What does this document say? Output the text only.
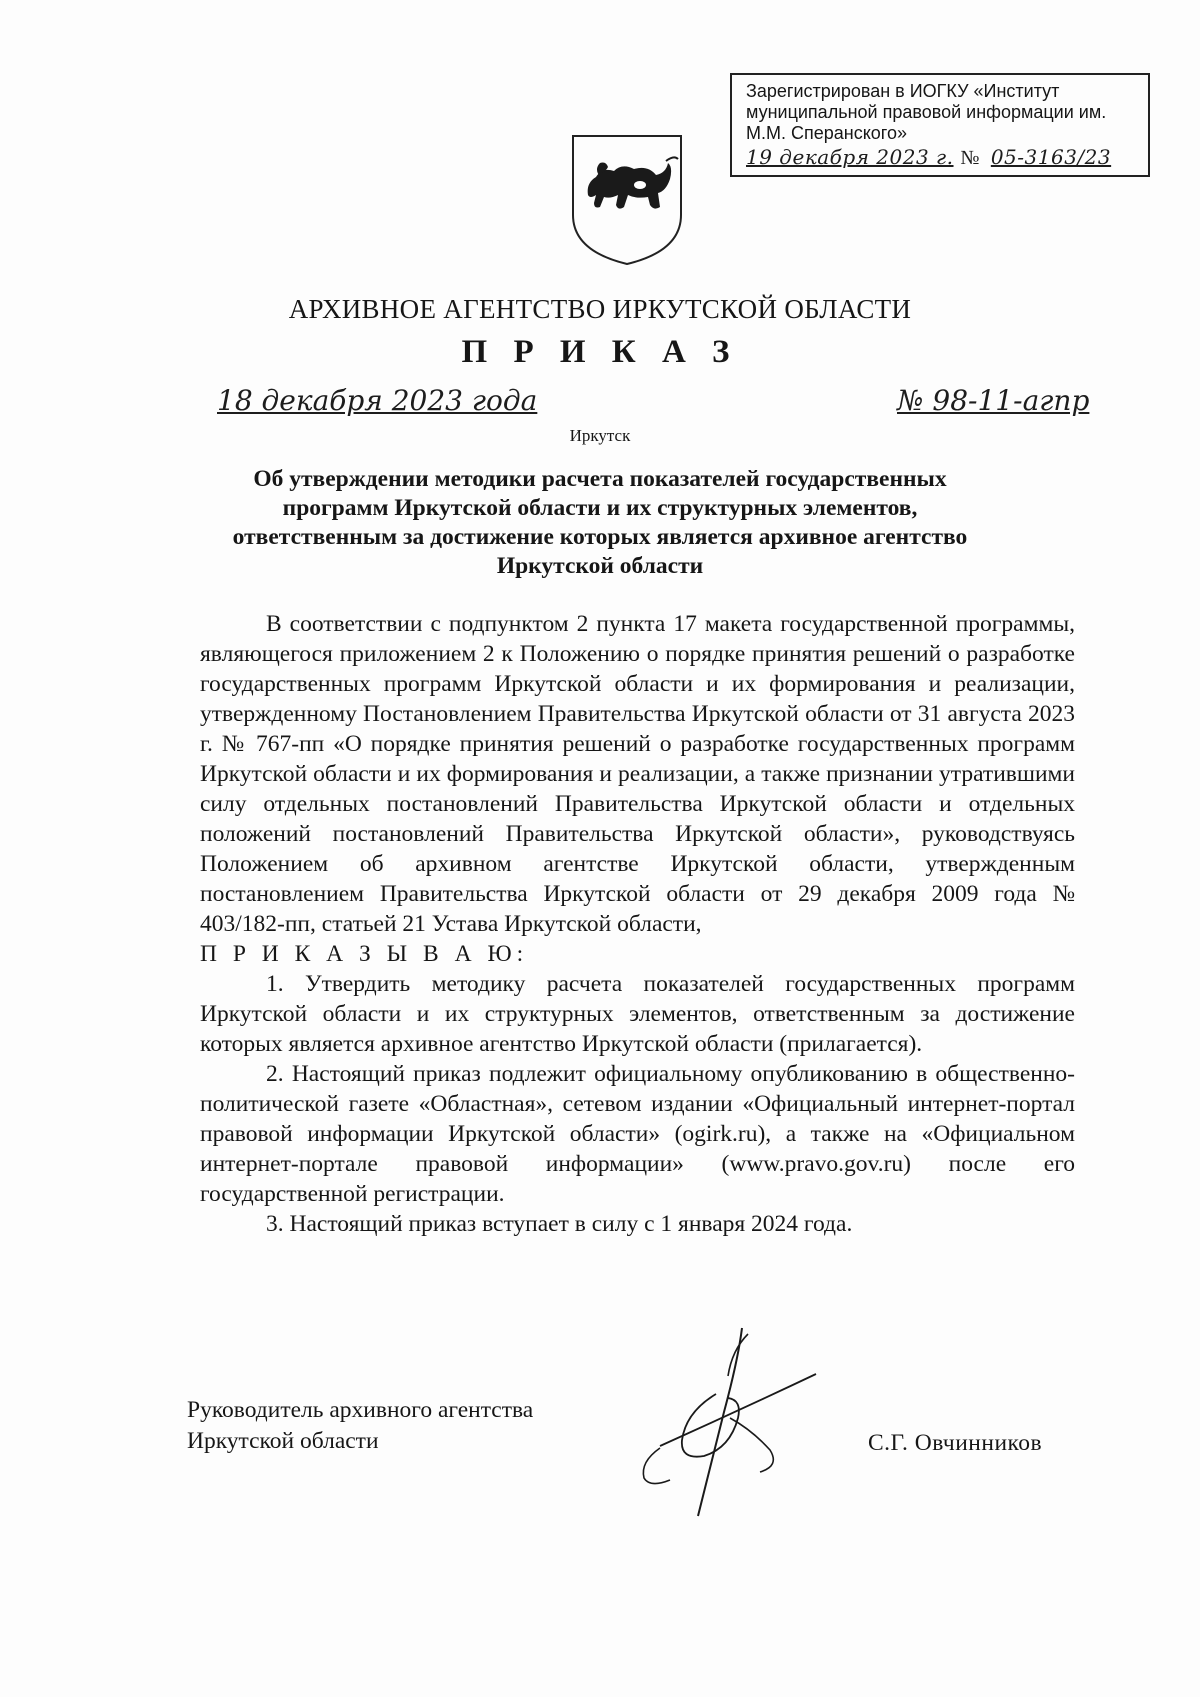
Зарегистрирован в ИОГКУ «Институт
муниципальной правовой информации им.
М.М. Сперанского»
19 декабря 2023 г. № 05-3163/23
АРХИВНОЕ АГЕНТСТВО ИРКУТСКОЙ ОБЛАСТИ
П Р И К А З
18 декабря 2023 года	№ 98-11-агпр
Иркутск
Об утверждении методики расчета показателей государственных программ Иркутской области и их структурных элементов, ответственным за достижение которых является архивное агентство Иркутской области

В соответствии с подпунктом 2 пункта 17 макета государственной программы, являющегося приложением 2 к Положению о порядке принятия решений о разработке государственных программ Иркутской области и их формирования и реализации, утвержденному Постановлением Правительства Иркутской области от 31 августа 2023 г. № 767-пп «О порядке принятия решений о разработке государственных программ Иркутской области и их формирования и реализации, а также признании утратившими силу отдельных постановлений Правительства Иркутской области и отдельных положений постановлений Правительства Иркутской области», руководствуясь Положением об архивном агентстве Иркутской области, утвержденным постановлением Правительства Иркутской области от 29 декабря 2009 года № 403/182-пп, статьей 21 Устава Иркутской области,

П Р И К А З Ы В А Ю:

1. Утвердить методику расчета показателей государственных программ Иркутской области и их структурных элементов, ответственным за достижение которых является архивное агентство Иркутской области (прилагается).

2. Настоящий приказ подлежит официальному опубликованию в общественно-политической газете «Областная», сетевом издании «Официальный интернет-портал правовой информации Иркутской области» (ogirk.ru), а также на «Официальном интернет-портале правовой информации» (www.pravo.gov.ru) после его государственной регистрации.

3. Настоящий приказ вступает в силу с 1 января 2024 года.

Руководитель архивного агентства
Иркутской области	С.Г. Овчинников
